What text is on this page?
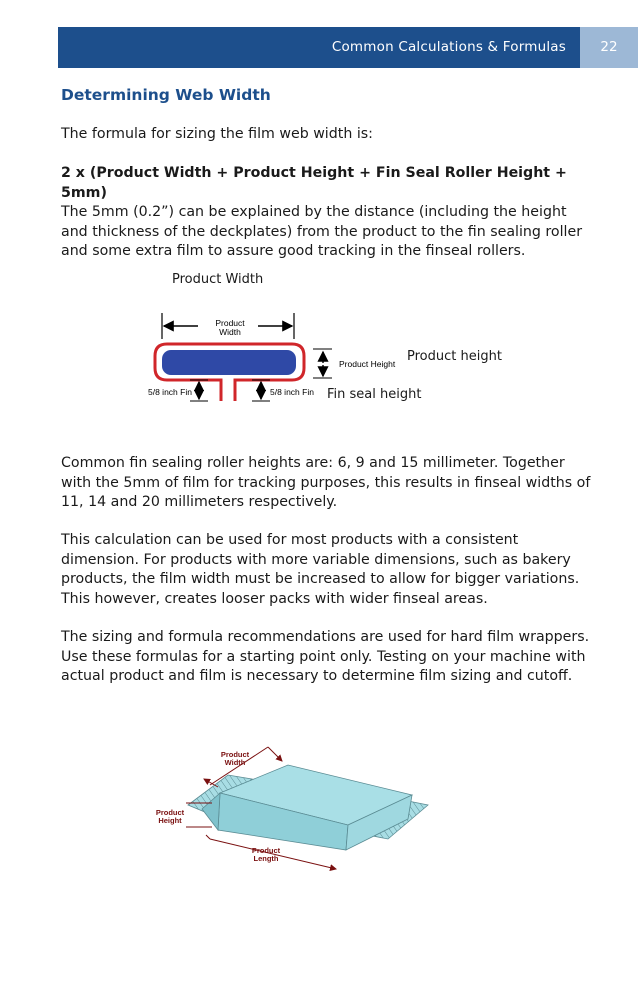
Common Calculations & Formulas	22
Determining Web Width

The formula for sizing the film web width is:

2 x (Product Width + Product Height + Fin Seal Roller Height + 5mm)

The 5mm (0.2”) can be explained by the distance (including the height and thickness of the deckplates) from the product to the fin sealing roller and some extra film to assure good tracking in the finseal rollers.

Product Width
Product height
Fin seal height
Product
Width
Product Height
5/8 inch Fin	5/8 inch Fin

Common fin sealing roller heights are: 6, 9 and 15 millimeter. Together with the 5mm of film for tracking purposes, this results in finseal widths of 11, 14 and 20 millimeters respectively.

This calculation can be used for most products with a consistent dimension. For products with more variable dimensions, such as bakery products, the film width must be increased to allow for bigger variations. This however, creates looser packs with wider finseal areas.

The sizing and formula recommendations are used for hard film wrappers. Use these formulas for a starting point only. Testing on your machine with actual product and film is necessary to determine film sizing and cutoff.

Product
Width
Product
Height
Product
Length
